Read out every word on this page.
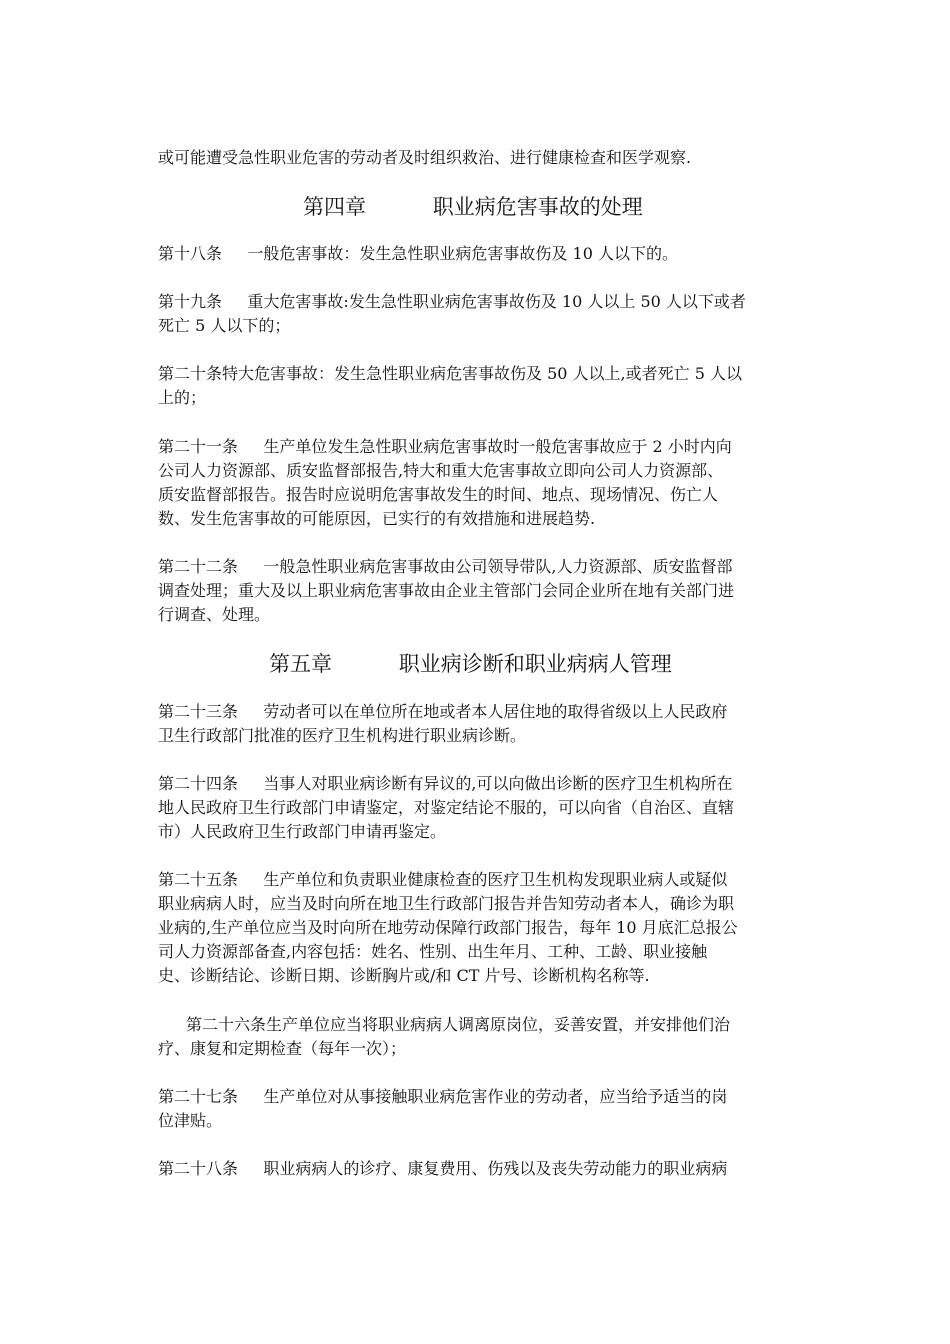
或可能遭受急性职业危害的劳动者及时组织救治、进行健康检查和医学观察.
第四章          职业病危害事故的处理
第十八条     一般危害事故：发生急性职业病危害事故伤及 10 人以下的。
第十九条     重大危害事故:发生急性职业病危害事故伤及 10 人以上 50 人以下或者
死亡 5 人以下的；
第二十条特大危害事故：发生急性职业病危害事故伤及 50 人以上,或者死亡 5 人以
上的；
第二十一条     生产单位发生急性职业病危害事故时一般危害事故应于 2 小时内向
公司人力资源部、质安监督部报告,特大和重大危害事故立即向公司人力资源部、
质安监督部报告。报告时应说明危害事故发生的时间、地点、现场情况、伤亡人
数、发生危害事故的可能原因，已实行的有效措施和进展趋势.
第二十二条     一般急性职业病危害事故由公司领导带队,人力资源部、质安监督部
调查处理；重大及以上职业病危害事故由企业主管部门会同企业所在地有关部门进
行调查、处理。
第五章          职业病诊断和职业病病人管理
第二十三条     劳动者可以在单位所在地或者本人居住地的取得省级以上人民政府
卫生行政部门批准的医疗卫生机构进行职业病诊断。
第二十四条     当事人对职业病诊断有异议的,可以向做出诊断的医疗卫生机构所在
地人民政府卫生行政部门申请鉴定，对鉴定结论不服的，可以向省（自治区、直辖
市）人民政府卫生行政部门申请再鉴定。
第二十五条     生产单位和负责职业健康检查的医疗卫生机构发现职业病人或疑似
职业病病人时，应当及时向所在地卫生行政部门报告并告知劳动者本人，确诊为职
业病的,生产单位应当及时向所在地劳动保障行政部门报告，每年 10 月底汇总报公
司人力资源部备查,内容包括：姓名、性别、出生年月、工种、工龄、职业接触
史、诊断结论、诊断日期、诊断胸片或/和 CT 片号、诊断机构名称等.
第二十六条生产单位应当将职业病病人调离原岗位，妥善安置，并安排他们治
疗、康复和定期检查（每年一次）；
第二十七条     生产单位对从事接触职业病危害作业的劳动者，应当给予适当的岗
位津贴。
第二十八条     职业病病人的诊疗、康复费用、伤残以及丧失劳动能力的职业病病
